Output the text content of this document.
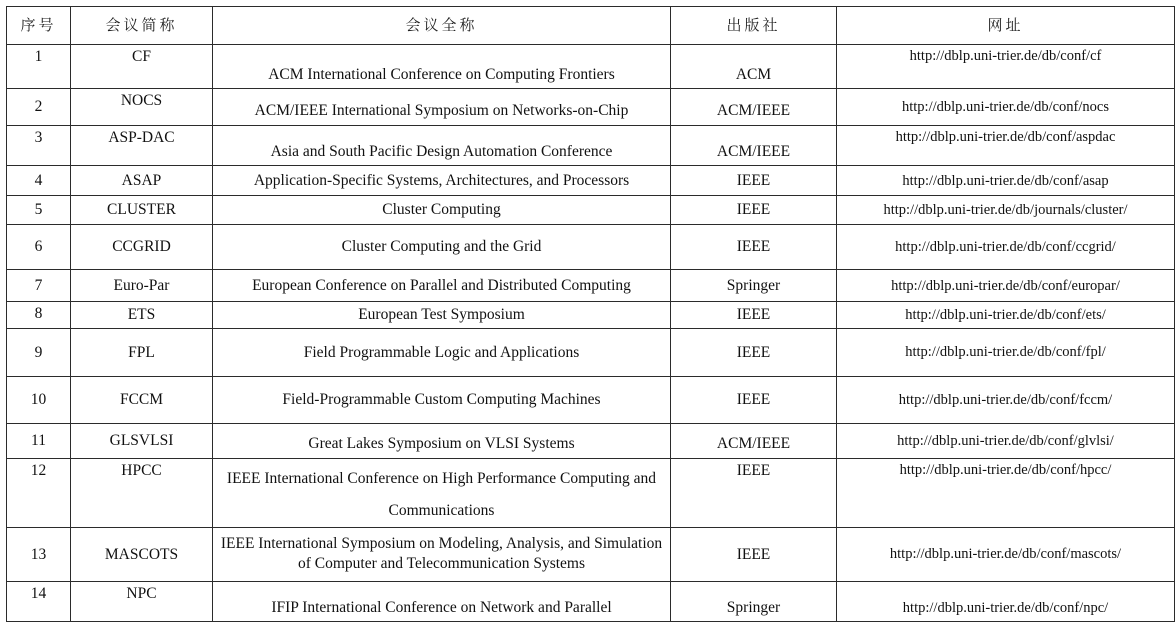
序号	会议简称	会议全称	出版社	网址
1	CF	ACM International Conference on Computing Frontiers	ACM	http://dblp.uni-trier.de/db/conf/cf
2	NOCS	ACM/IEEE International Symposium on Networks-on-Chip	ACM/IEEE	http://dblp.uni-trier.de/db/conf/nocs
3	ASP-DAC	Asia and South Pacific Design Automation Conference	ACM/IEEE	http://dblp.uni-trier.de/db/conf/aspdac
4	ASAP	Application-Specific Systems, Architectures, and Processors	IEEE	http://dblp.uni-trier.de/db/conf/asap
5	CLUSTER	Cluster Computing	IEEE	http://dblp.uni-trier.de/db/journals/cluster/
6	CCGRID	Cluster Computing and the Grid	IEEE	http://dblp.uni-trier.de/db/conf/ccgrid/
7	Euro-Par	European Conference on Parallel and Distributed Computing	Springer	http://dblp.uni-trier.de/db/conf/europar/
8	ETS	European Test Symposium	IEEE	http://dblp.uni-trier.de/db/conf/ets/
9	FPL	Field Programmable Logic and Applications	IEEE	http://dblp.uni-trier.de/db/conf/fpl/
10	FCCM	Field-Programmable Custom Computing Machines	IEEE	http://dblp.uni-trier.de/db/conf/fccm/
11	GLSVLSI	Great Lakes Symposium on VLSI Systems	ACM/IEEE	http://dblp.uni-trier.de/db/conf/glvlsi/
12	HPCC	IEEE International Conference on High Performance Computing and Communications	IEEE	http://dblp.uni-trier.de/db/conf/hpcc/
13	MASCOTS	IEEE International Symposium on Modeling, Analysis, and Simulation of Computer and Telecommunication Systems	IEEE	http://dblp.uni-trier.de/db/conf/mascots/
14	NPC	IFIP International Conference on Network and Parallel	Springer	http://dblp.uni-trier.de/db/conf/npc/
